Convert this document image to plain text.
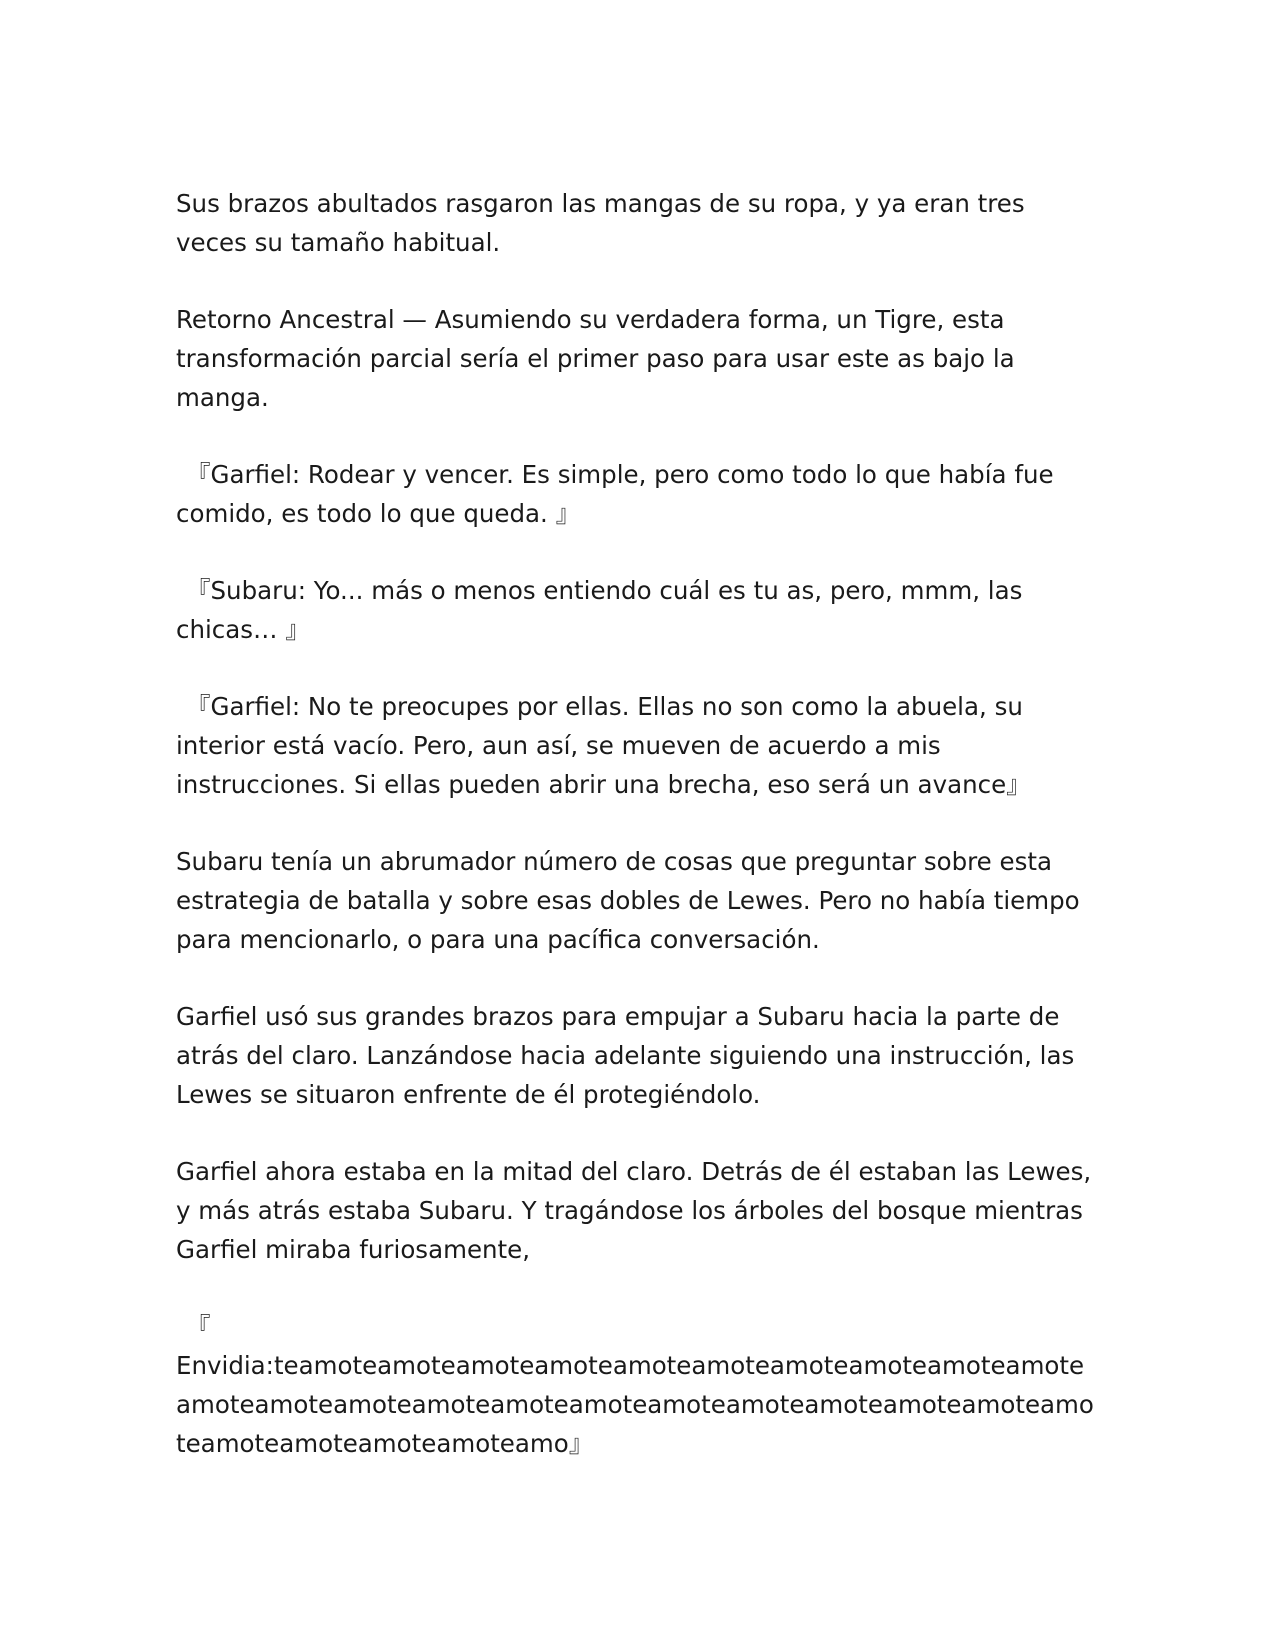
Sus brazos abultados rasgaron las mangas de su ropa, y ya eran tres veces su tamaño habitual.

Retorno Ancestral — Asumiendo su verdadera forma, un Tigre, esta transformación parcial sería el primer paso para usar este as bajo la manga.

『Garfiel: Rodear y vencer. Es simple, pero como todo lo que había fue comido, es todo lo que queda. 』

『Subaru: Yo... más o menos entiendo cuál es tu as, pero, mmm, las chicas… 』

『Garfiel: No te preocupes por ellas. Ellas no son como la abuela, su interior está vacío. Pero, aun así, se mueven de acuerdo a mis instrucciones. Si ellas pueden abrir una brecha, eso será un avance』

Subaru tenía un abrumador número de cosas que preguntar sobre esta estrategia de batalla y sobre esas dobles de Lewes. Pero no había tiempo para mencionarlo, o para una pacífica conversación.

Garfiel usó sus grandes brazos para empujar a Subaru hacia la parte de atrás del claro. Lanzándose hacia adelante siguiendo una instrucción, las Lewes se situaron enfrente de él protegiéndolo.

Garfiel ahora estaba en la mitad del claro. Detrás de él estaban las Lewes, y más atrás estaba Subaru. Y tragándose los árboles del bosque mientras Garfiel miraba furiosamente,

『 Envidia:teamoteamoteamoteamoteamoteamoteamoteamoteamoteamoteamoteamoteamoteamoteamoteamoteamoteamoteamoteamoteamoteamoteamoteamoteamoteamoteamo』
